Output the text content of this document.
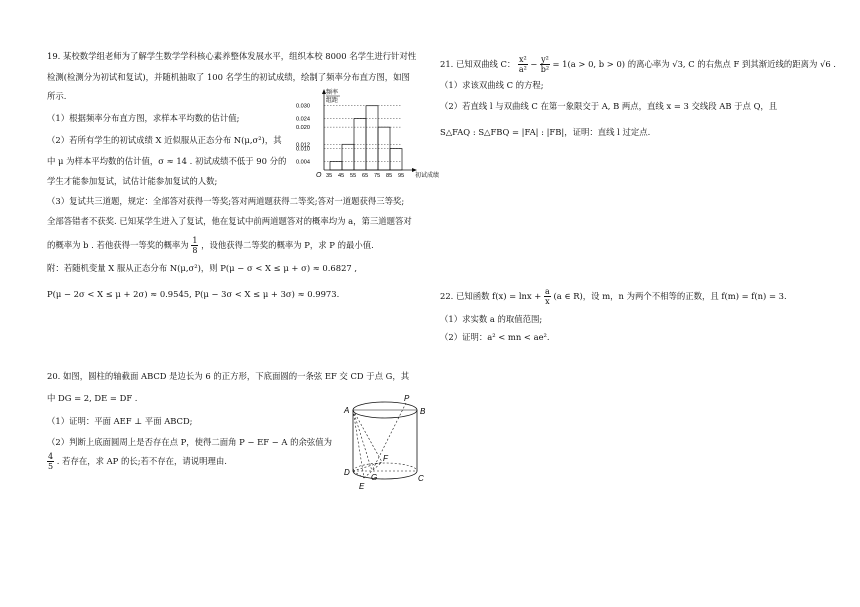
19. 某校数学组老师为了解学生数学学科核心素养整体发展水平，组织本校 8000 名学生进行针对性
检测(检测分为初试和复试)，并随机抽取了 100 名学生的初试成绩，绘制了频率分布直方图，如图
所示.
（1）根据频率分布直方图，求样本平均数的估计值;
（2）若所有学生的初试成绩 X 近似服从正态分布 N(μ,σ²)，其
中 μ 为样本平均数的估计值，σ ≈ 14 . 初试成绩不低于 90 分的
学生才能参加复试，试估计能参加复试的人数;
（3）复试共三道题，规定：全部答对获得一等奖;答对两道题获得二等奖;答对一道题获得三等奖;
全部答错者不获奖. 已知某学生进入了复试，他在复试中前两道题答对的概率均为 a，第三道题答对
的概率为 b . 若他获得一等奖的概率为 $\frac{1}{8}$ ，设他获得二等奖的概率为 P，求 P 的最小值.
附：若随机变量 X 服从正态分布 N(μ,σ²)，则 P(μ − σ < X ≤ μ + σ) ≈ 0.6827 ,
P(μ − 2σ < X ≤ μ + 2σ) ≈ 0.9545, P(μ − 3σ < X ≤ μ + 3σ) ≈ 0.9973.
0.030
0.024
0.020
0.012
0.010
0.004
35 45 55 65 75 85 95
频率
组距
O	初试成绩
20. 如图，圆柱的轴截面 ABCD 是边长为 6 的正方形，下底面圆的一条弦 EF 交 CD 于点 G，其
中 DG = 2, DE = DF .
（1）证明：平面 AEF ⊥ 平面 ABCD;
（2）判断上底面圆周上是否存在点 P，使得二面角 P − EF − A 的余弦值为
$\frac{4}{5}$ . 若存在，求 AP 的长;若不存在，请说明理由.
A	B
P
D
C
E
F
G
21. 已知双曲线 C： $\frac{\text{x²}}{\text{a²}} - \frac{\text{y²}}{\text{b²}} = 1(a > 0$, b > 0) 的离心率为 √3, C 的右焦点 F 到其渐近线的距离为 √6 .
（1）求该双曲线 C 的方程;
（2）若直线 l 与双曲线 C 在第一象限交于 A, B 两点，直线 x = 3 交线段 AB 于点 Q，且
S△FAQ : S△FBQ = |FA| : |FB|，证明：直线 l 过定点.
22. 已知函数 $f(x) = \ln x + \frac{a}{x} (a$ ∈ R)，设 m，n 为两个不相等的正数，且 f(m) = f(n) = 3.
（1）求实数 a 的取值范围;
（2）证明：a² < mn < ae².
